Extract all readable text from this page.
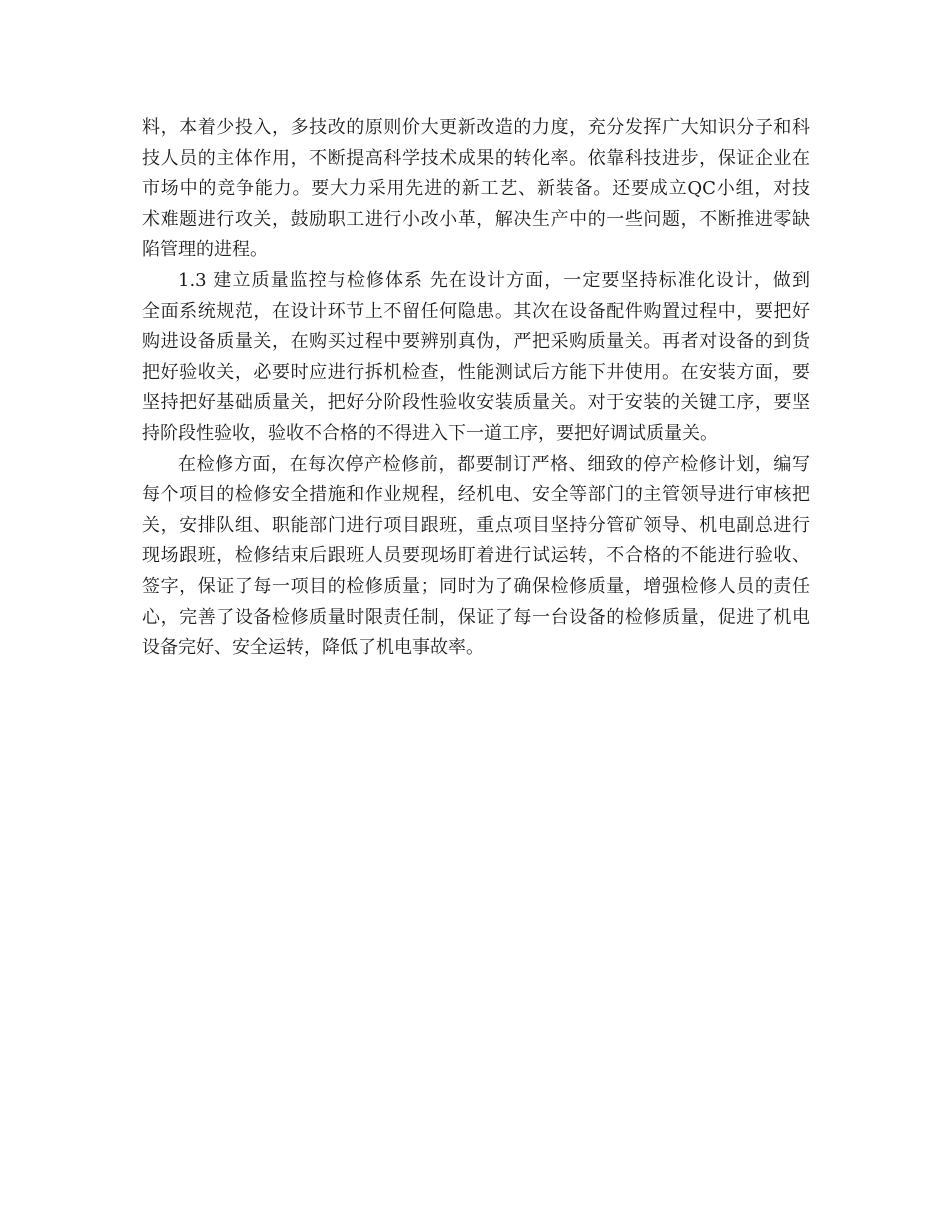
料，本着少投入，多技改的原则价大更新改造的力度，充分发挥广大知识分子和科
技人员的主体作用，不断提高科学技术成果的转化率。依靠科技进步，保证企业在
市场中的竞争能力。要大力采用先进的新工艺、新装备。还要成立QC小组，对技
术难题进行攻关，鼓励职工进行小改小革，解决生产中的一些问题，不断推进零缺
陷管理的进程。
1.3 建立质量监控与检修体系 先在设计方面，一定要坚持标准化设计，做到
全面系统规范，在设计环节上不留任何隐患。其次在设备配件购置过程中，要把好
购进设备质量关，在购买过程中要辨别真伪，严把采购质量关。再者对设备的到货
把好验收关，必要时应进行拆机检查，性能测试后方能下井使用。在安装方面，要
坚持把好基础质量关，把好分阶段性验收安装质量关。对于安装的关键工序，要坚
持阶段性验收，验收不合格的不得进入下一道工序，要把好调试质量关。
在检修方面，在每次停产检修前，都要制订严格、细致的停产检修计划，编写
每个项目的检修安全措施和作业规程，经机电、安全等部门的主管领导进行审核把
关，安排队组、职能部门进行项目跟班，重点项目坚持分管矿领导、机电副总进行
现场跟班，检修结束后跟班人员要现场盯着进行试运转，不合格的不能进行验收、
签字，保证了每一项目的检修质量；同时为了确保检修质量，增强检修人员的责任
心，完善了设备检修质量时限责任制，保证了每一台设备的检修质量，促进了机电
设备完好、安全运转，降低了机电事故率。
